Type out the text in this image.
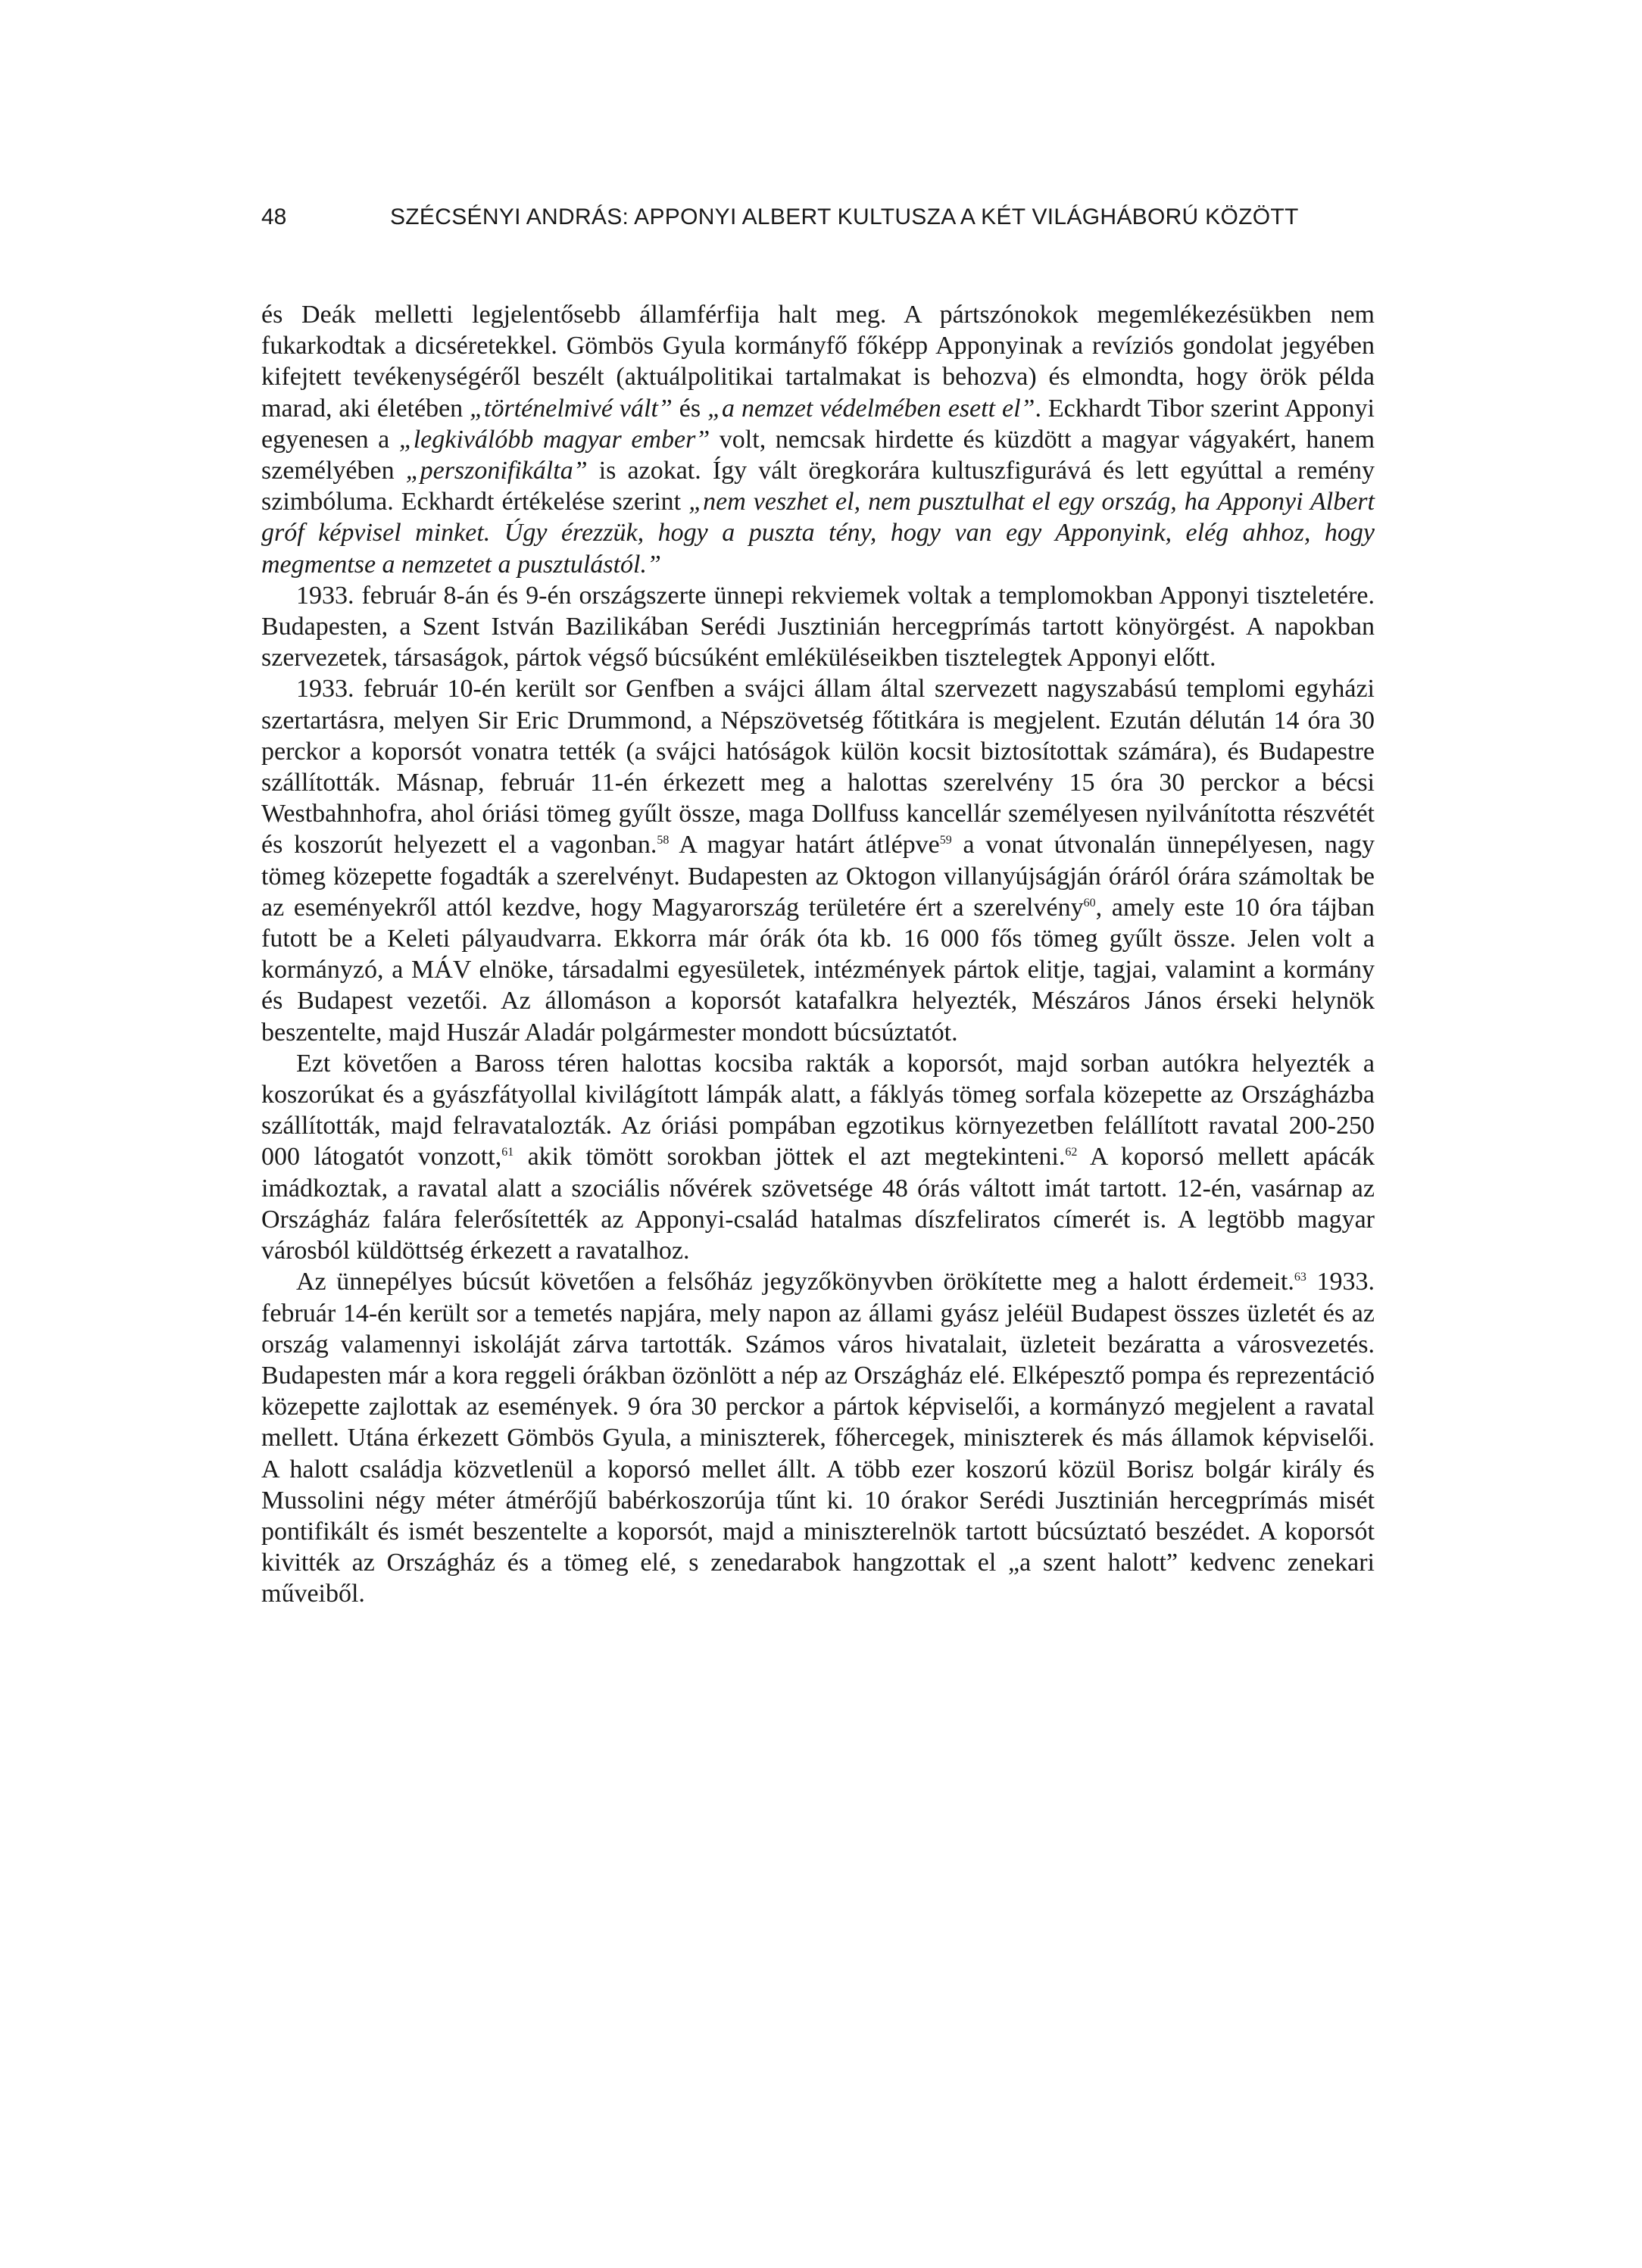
48	SZÉCSÉNYI ANDRÁS: APPONYI ALBERT KULTUSZA A KÉT VILÁGHÁBORÚ KÖZÖTT

és Deák melletti legjelentősebb államférfija halt meg. A pártszónokok megemlékezésükben nem fukarkodtak a dicséretekkel. Gömbös Gyula kormányfő főképp Apponyinak a revíziós gondolat jegyében kifejtett tevékenységéről beszélt (aktuálpolitikai tartalmakat is behozva) és elmondta, hogy örök példa marad, aki életében „történelmivé vált” és „a nemzet védelmében esett el”. Eckhardt Tibor szerint Apponyi egyenesen a „legkiválóbb magyar ember” volt, nemcsak hirdette és küzdött a magyar vágyakért, hanem személyében „perszonifikálta” is azokat. Így vált öregkorára kultuszfigurává és lett egyúttal a remény szimbóluma. Eckhardt értékelése szerint „nem veszhet el, nem pusztulhat el egy ország, ha Apponyi Albert gróf képvisel minket. Úgy érezzük, hogy a puszta tény, hogy van egy Apponyink, elég ahhoz, hogy megmentse a nemzetet a pusztulástól.”

1933. február 8-án és 9-én országszerte ünnepi rekviemek voltak a templomokban Apponyi tiszteletére. Budapesten, a Szent István Bazilikában Serédi Jusztinián hercegprímás tartott könyörgést. A napokban szervezetek, társaságok, pártok végső búcsúként emléküléseikben tisztelegtek Apponyi előtt.

1933. február 10-én került sor Genfben a svájci állam által szervezett nagyszabású templomi egyházi szertartásra, melyen Sir Eric Drummond, a Népszövetség főtitkára is megjelent. Ezután délután 14 óra 30 perckor a koporsót vonatra tették (a svájci hatóságok külön kocsit biztosítottak számára), és Budapestre szállították. Másnap, február 11-én érkezett meg a halottas szerelvény 15 óra 30 perckor a bécsi Westbahnhofra, ahol óriási tömeg gyűlt össze, maga Dollfuss kancellár személyesen nyilvánította részvétét és koszorút helyezett el a vagonban.$^{58}$ A magyar határt átlépve$^{59}$ a vonat útvonalán ünnepélyesen, nagy tömeg közepette fogadták a szerelvényt. Budapesten az Oktogon villanyújságján óráról órára számoltak be az eseményekről attól kezdve, hogy Magyarország területére ért a szerelvény$^{60}$, amely este 10 óra tájban futott be a Keleti pályaudvarra. Ekkorra már órák óta kb. 16 000 fős tömeg gyűlt össze. Jelen volt a kormányzó, a MÁV elnöke, társadalmi egyesületek, intézmények pártok elitje, tagjai, valamint a kormány és Budapest vezetői. Az állomáson a koporsót katafalkra helyezték, Mészáros János érseki helynök beszentelte, majd Huszár Aladár polgármester mondott búcsúztatót.

Ezt követően a Baross téren halottas kocsiba rakták a koporsót, majd sorban autókra helyezték a koszorúkat és a gyászfátyollal kivilágított lámpák alatt, a fáklyás tömeg sorfala közepette az Országházba szállították, majd felravatalozták. Az óriási pompában egzotikus környezetben felállított ravatal 200-250 000 látogatót vonzott,$^{61}$ akik tömött sorokban jöttek el azt megtekinteni.$^{62}$ A koporsó mellett apácák imádkoztak, a ravatal alatt a szociális nővérek szövetsége 48 órás váltott imát tartott. 12-én, vasárnap az Országház falára felerősítették az Apponyi-család hatalmas díszfeliratos címerét is. A legtöbb magyar városból küldöttség érkezett a ravatalhoz.

Az ünnepélyes búcsút követően a felsőház jegyzőkönyvben örökítette meg a halott érdemeit.$^{63}$ 1933. február 14-én került sor a temetés napjára, mely napon az állami gyász jeléül Budapest összes üzletét és az ország valamennyi iskoláját zárva tartották. Számos város hivatalait, üzleteit bezáratta a városvezetés. Budapesten már a kora reggeli órákban özönlött a nép az Országház elé. Elképesztő pompa és reprezentáció közepette zajlottak az események. 9 óra 30 perckor a pártok képviselői, a kormányzó megjelent a ravatal mellett. Utána érkezett Gömbös Gyula, a miniszterek, főhercegek, miniszterek és más államok képviselői. A halott családja közvetlenül a koporsó mellet állt. A több ezer koszorú közül Borisz bolgár király és Mussolini négy méter átmérőjű babérkoszorúja tűnt ki. 10 órakor Serédi Jusztinián hercegprímás misét pontifikált és ismét beszentelte a koporsót, majd a miniszterelnök tartott búcsúztató beszédet. A koporsót kivitték az Országház és a tömeg elé, s zenedarabok hangzottak el „a szent halott” kedvenc zenekari műveiből.
